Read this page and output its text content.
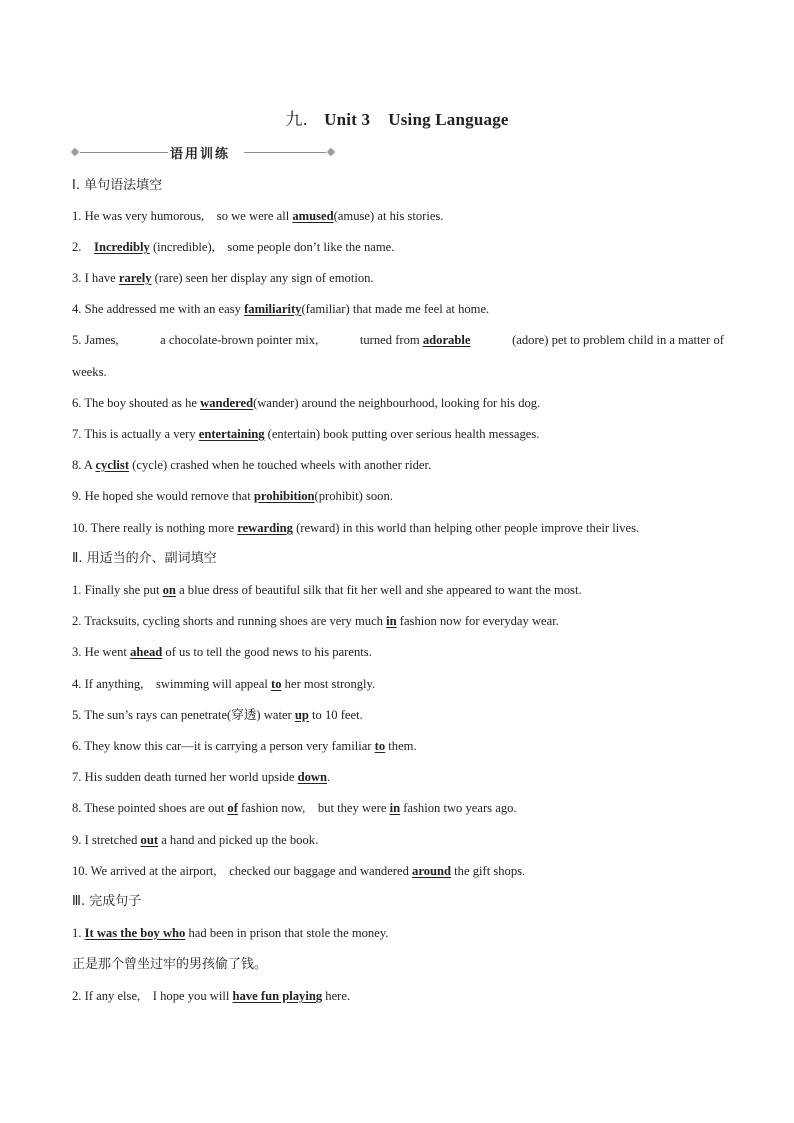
九. Unit 3 Using Language
语用训练
Ⅰ. 单句语法填空
1. He was very humorous,    so we were all amused(amuse) at his stories.
2.    Incredibly (incredible),    some people don’t like the name.
3. I have rarely (rare) seen her display any sign of emotion.
4. She addressed me with an easy familiarity(familiar) that made me feel at home.
5. James,	a chocolate-brown pointer mix,	turned from adorable	(adore) pet to problem child in a matter of
weeks.
6. The boy shouted as he wandered(wander) around the neighbourhood, looking for his dog.
7. This is actually a very entertaining (entertain) book putting over serious health messages.
8. A cyclist (cycle) crashed when he touched wheels with another rider.
9. He hoped she would remove that prohibition(prohibit) soon.
10. There really is nothing more rewarding (reward) in this world than helping other people improve their lives.
Ⅱ. 用适当的介、副词填空
1. Finally she put on a blue dress of beautiful silk that fit her well and she appeared to want the most.
2. Tracksuits, cycling shorts and running shoes are very much in fashion now for everyday wear.
3. He went ahead of us to tell the good news to his parents.
4. If anything,    swimming will appeal to her most strongly.
5. The sun’s rays can penetrate(穿透) water up to 10 feet.
6. They know this car—it is carrying a person very familiar to them.
7. His sudden death turned her world upside down.
8. These pointed shoes are out of fashion now,    but they were in fashion two years ago.
9. I stretched out a hand and picked up the book.
10. We arrived at the airport,    checked our baggage and wandered around the gift shops.
Ⅲ. 完成句子
1. It was the boy who had been in prison that stole the money.
正是那个曾坐过牢的男孩偷了钱。
2. If any else,    I hope you will have fun playing here.
